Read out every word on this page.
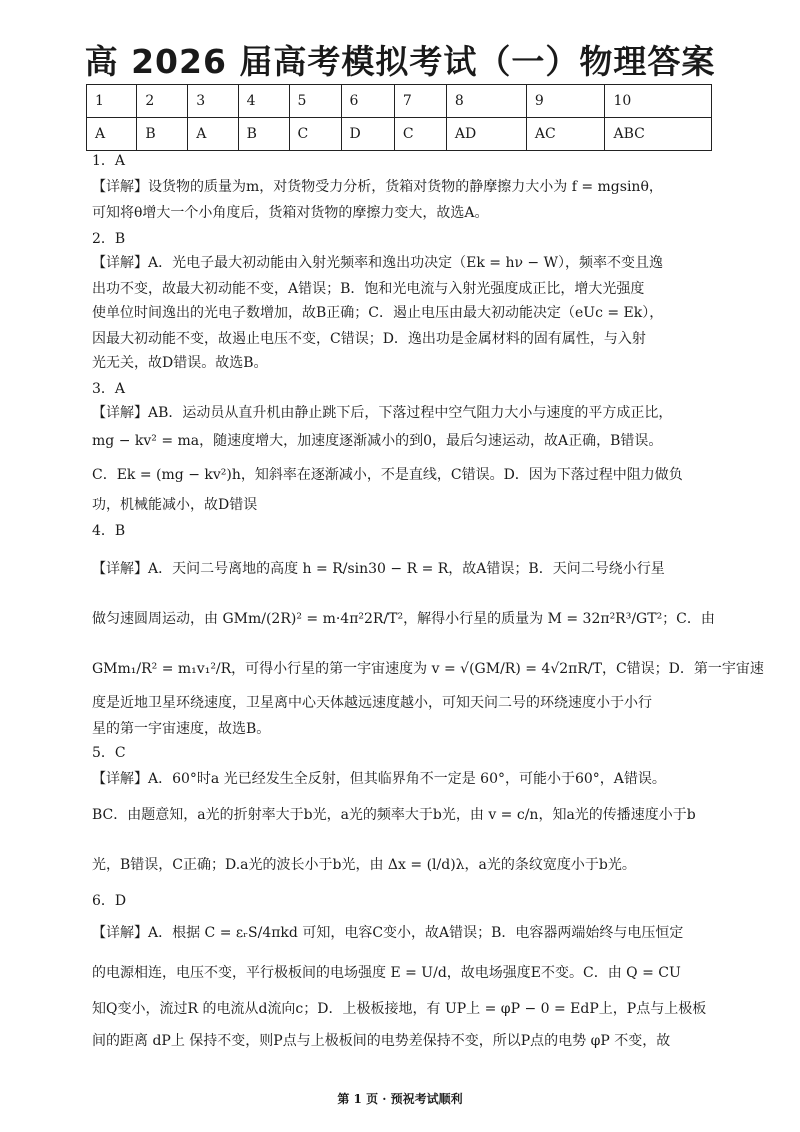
高 2026 届高考模拟考试（一）物理答案
1	2	3	4	5	6	7	8	9	10
A	B	A	B	C	D	C	AD	AC	ABC
1．A
【详解】设货物的质量为m，对货物受力分析，货箱对货物的静摩擦力大小为 f = mgsinθ，
可知将θ增大一个小角度后，货箱对货物的摩擦力变大，故选A。
2．B
【详解】A．光电子最大初动能由入射光频率和逸出功决定（Ek = hν − W），频率不变且逸
出功不变，故最大初动能不变，A错误；B．饱和光电流与入射光强度成正比，增大光强度
使单位时间逸出的光电子数增加，故B正确；C．遏止电压由最大初动能决定（eUc = Ek），
因最大初动能不变，故遏止电压不变，C错误；D．逸出功是金属材料的固有属性，与入射
光无关，故D错误。故选B。
3．A
【详解】AB．运动员从直升机由静止跳下后，下落过程中空气阻力大小与速度的平方成正比，
mg − kv² = ma，随速度增大，加速度逐渐减小的到0，最后匀速运动，故A正确，B错误。
C．Ek = (mg − kv²)h，知斜率在逐渐减小，不是直线，C错误。D．因为下落过程中阻力做负
功，机械能减小，故D错误
4．B
【详解】A．天问二号离地的高度 h = R/sin30 − R = R，故A错误；B．天问二号绕小行星
做匀速圆周运动，由 GMm/(2R)² = m·4π²2R/T²，解得小行星的质量为 M = 32π²R³/GT²；C．由
GMm₁/R² = m₁v₁²/R，可得小行星的第一宇宙速度为 v = √(GM/R) = 4√2πR/T，C错误；D．第一宇宙速
度是近地卫星环绕速度，卫星离中心天体越远速度越小，可知天问二号的环绕速度小于小行
星的第一宇宙速度，故选B。
5．C
【详解】A．60°时a 光已经发生全反射，但其临界角不一定是 60°，可能小于60°，A错误。
BC．由题意知，a光的折射率大于b光，a光的频率大于b光，由 v = c/n，知a光的传播速度小于b
光，B错误，C正确；D.a光的波长小于b光，由 Δx = (l/d)λ，a光的条纹宽度小于b光。
6．D
【详解】A．根据 C = εᵣS/4πkd 可知，电容C变小，故A错误；B．电容器两端始终与电压恒定
的电源相连，电压不变，平行极板间的电场强度 E = U/d，故电场强度E不变。C．由 Q = CU
知Q变小，流过R 的电流从d流向c；D．上极板接地，有 UP上 = φP − 0 = EdP上，P点与上极板
间的距离 dP上 保持不变，则P点与上极板间的电势差保持不变，所以P点的电势 φP 不变，故
第 1 页 · 预祝考试顺利
